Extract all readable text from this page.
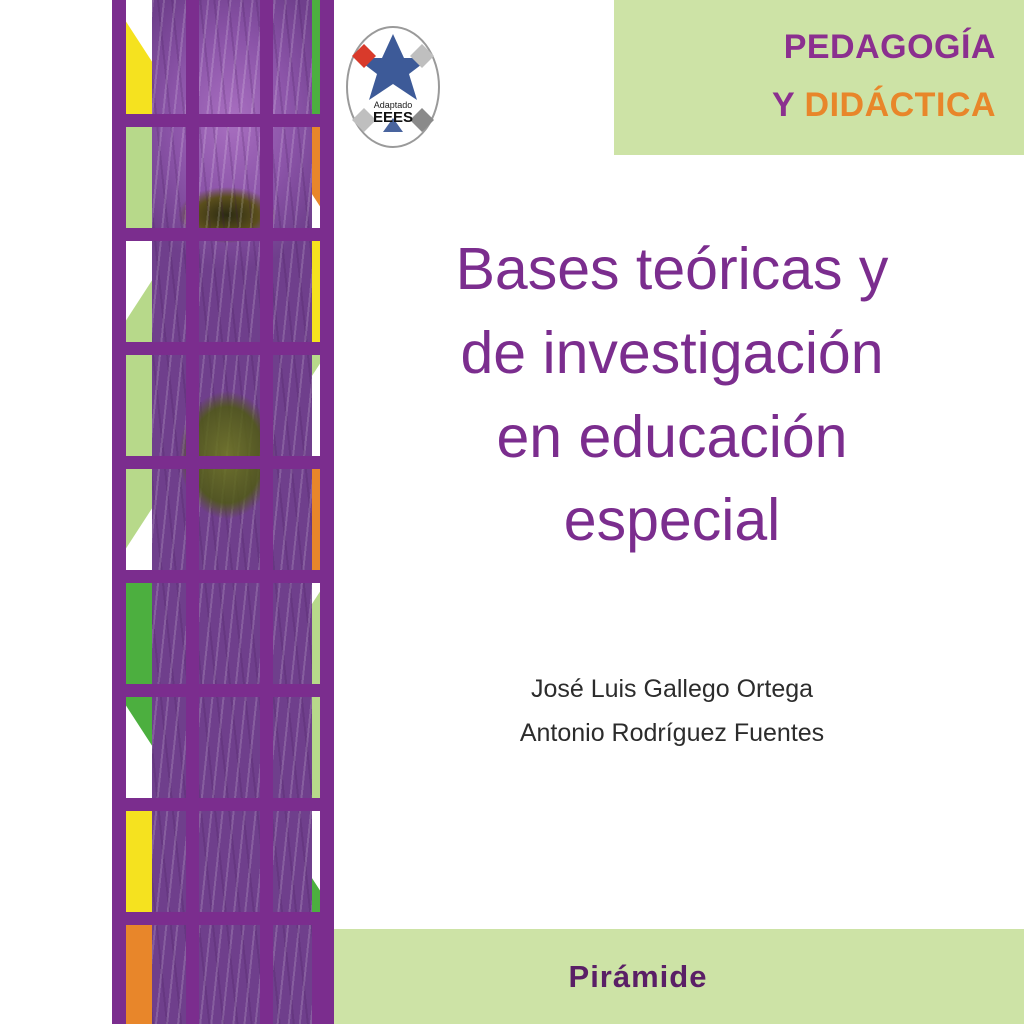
PEDAGOGÍA
Y DIDÁCTICA
Adaptado
EEES
Bases teóricas y
de investigación
en educación
especial
José Luis Gallego Ortega
Antonio Rodríguez Fuentes
Pirámide
